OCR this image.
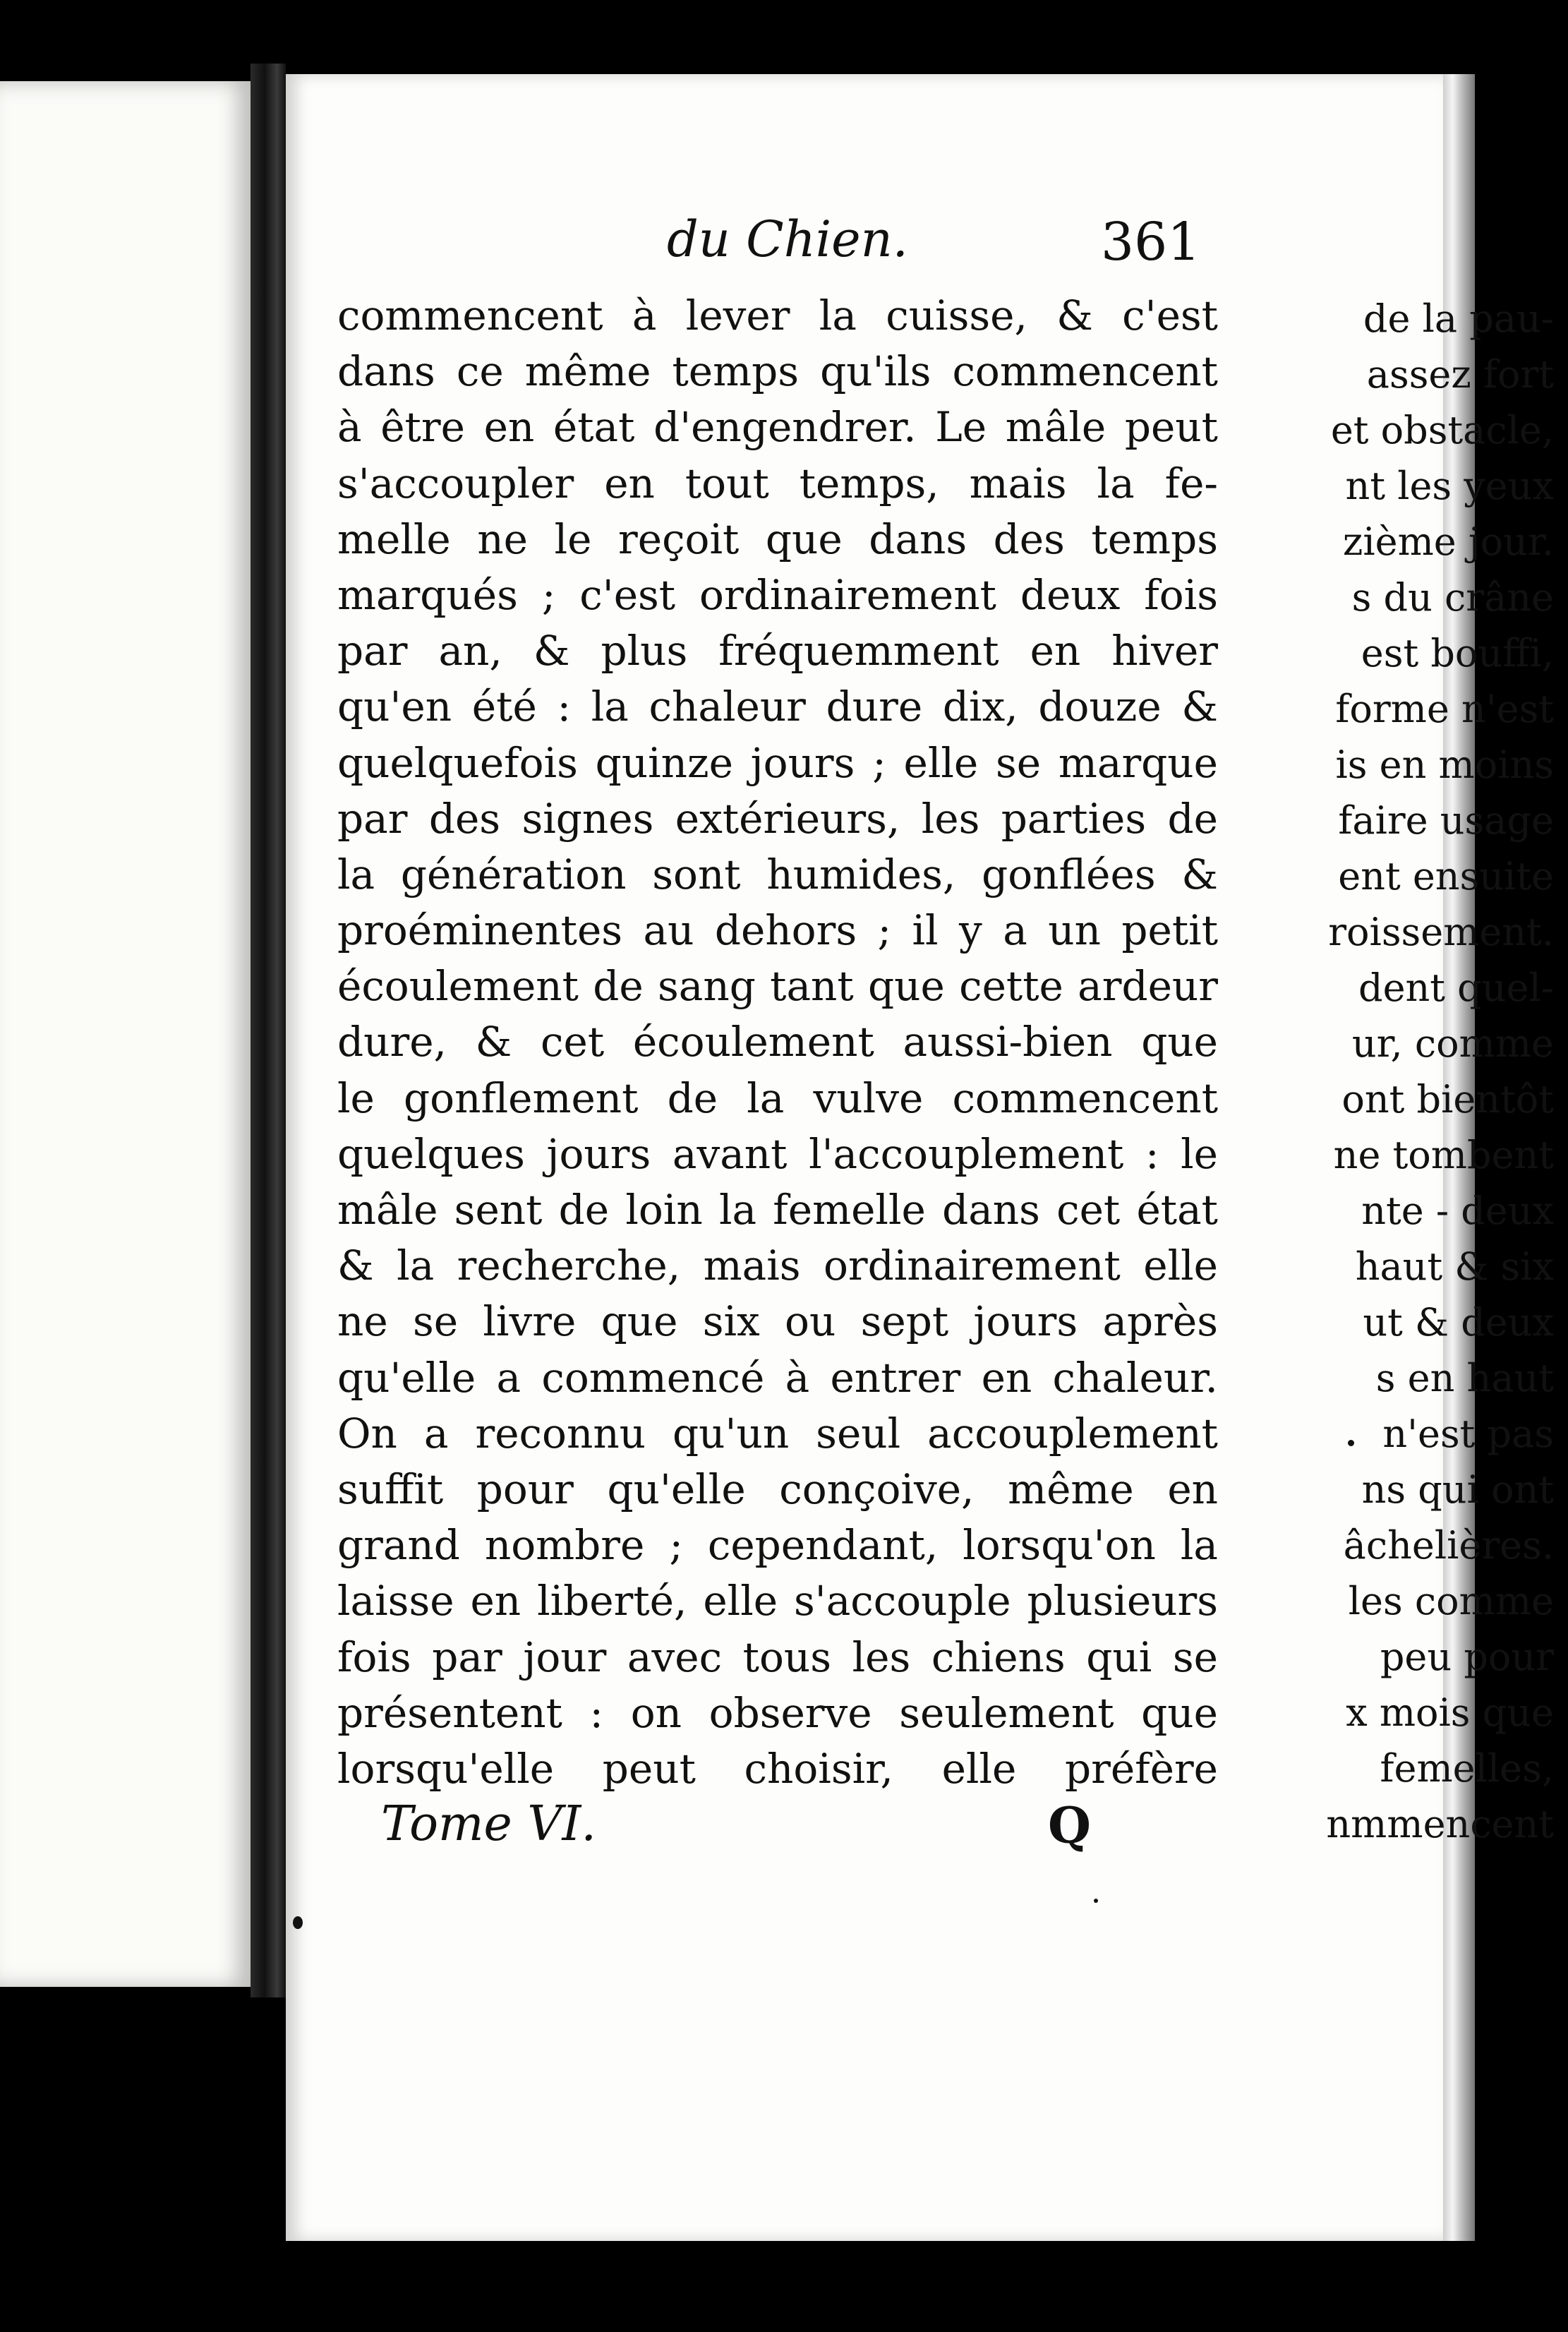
de la pau-
assez fort
et obstacle,
nt les yeux
zième jour.
s du crâne
est bouffi,
forme n'est
is en moins
faire usage
ent ensuite
roissement.
dent quel-
ur, comme
ont bientôt
ne tombent
nte - deux
haut & six
ut & deux
s en haut
n'est pas
ns qui ont
âchelières.
les comme
peu pour
x mois que
femelles,
nmmencent
du Chien.	361
commencent à lever la cuisse, & c'est
dans ce même temps qu'ils commencent
à être en état d'engendrer. Le mâle peut
s'accoupler en tout temps, mais la fe-
melle ne le reçoit que dans des temps
marqués ; c'est ordinairement deux fois
par an, & plus fréquemment en hiver
qu'en été : la chaleur dure dix, douze &
quelquefois quinze jours ; elle se marque
par des signes extérieurs, les parties de
la génération sont humides, gonflées &
proéminentes au dehors ; il y a un petit
écoulement de sang tant que cette ardeur
dure, & cet écoulement aussi-bien que
le gonflement de la vulve commencent
quelques jours avant l'accouplement : le
mâle sent de loin la femelle dans cet état
& la recherche, mais ordinairement elle
ne se livre que six ou sept jours après
qu'elle a commencé à entrer en chaleur.
On a reconnu qu'un seul accouplement
suffit pour qu'elle conçoive, même en
grand nombre ; cependant, lorsqu'on la
laisse en liberté, elle s'accouple plusieurs
fois par jour avec tous les chiens qui se
présentent : on observe seulement que
lorsqu'elle peut choisir, elle préfère
Tome VI.	Q
